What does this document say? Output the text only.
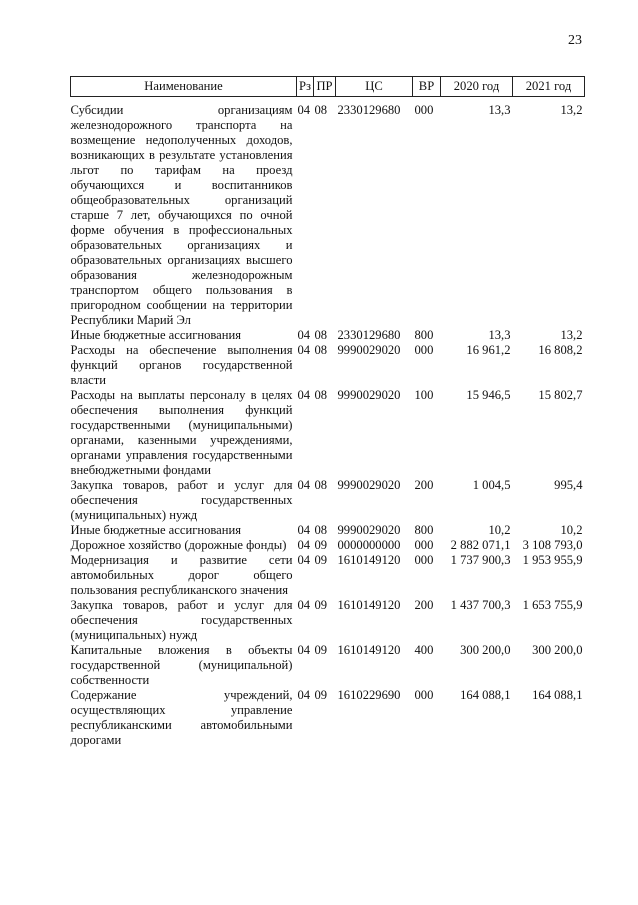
23
Наименование	Рз	ПР	ЦС	ВР	2020 год	2021 год
Субсидии организациям железнодорожного транспорта на возмещение недополученных доходов, возникающих в результате установления льгот по тарифам на проезд обучающихся и воспитанников общеобразовательных организаций старше 7 лет, обучающихся по очной форме обучения в профессиональных образовательных организациях и образовательных организациях высшего образования железнодорожным транспортом общего пользования в пригородном сообщении на территории Республики Марий Эл	04	08	2330129680	000	13,3	13,2
Иные бюджетные ассигнования	04	08	2330129680	800	13,3	13,2
Расходы на обеспечение выполнения функций органов государственной власти	04	08	9990029020	000	16 961,2	16 808,2
Расходы на выплаты персоналу в целях обеспечения выполнения функций государственными (муниципальными) органами, казенными учреждениями, органами управления государственными внебюджетными фондами	04	08	9990029020	100	15 946,5	15 802,7
Закупка товаров, работ и услуг для обеспечения государственных (муниципальных) нужд	04	08	9990029020	200	1 004,5	995,4
Иные бюджетные ассигнования	04	08	9990029020	800	10,2	10,2
Дорожное хозяйство (дорожные фонды)	04	09	0000000000	000	2 882 071,1	3 108 793,0
Модернизация и развитие сети автомобильных дорог общего пользования республиканского значения	04	09	1610149120	000	1 737 900,3	1 953 955,9
Закупка товаров, работ и услуг для обеспечения государственных (муниципальных) нужд	04	09	1610149120	200	1 437 700,3	1 653 755,9
Капитальные вложения в объекты государственной (муниципальной) собственности	04	09	1610149120	400	300 200,0	300 200,0
Содержание учреждений, осуществляющих управление республиканскими автомобильными дорогами	04	09	1610229690	000	164 088,1	164 088,1
